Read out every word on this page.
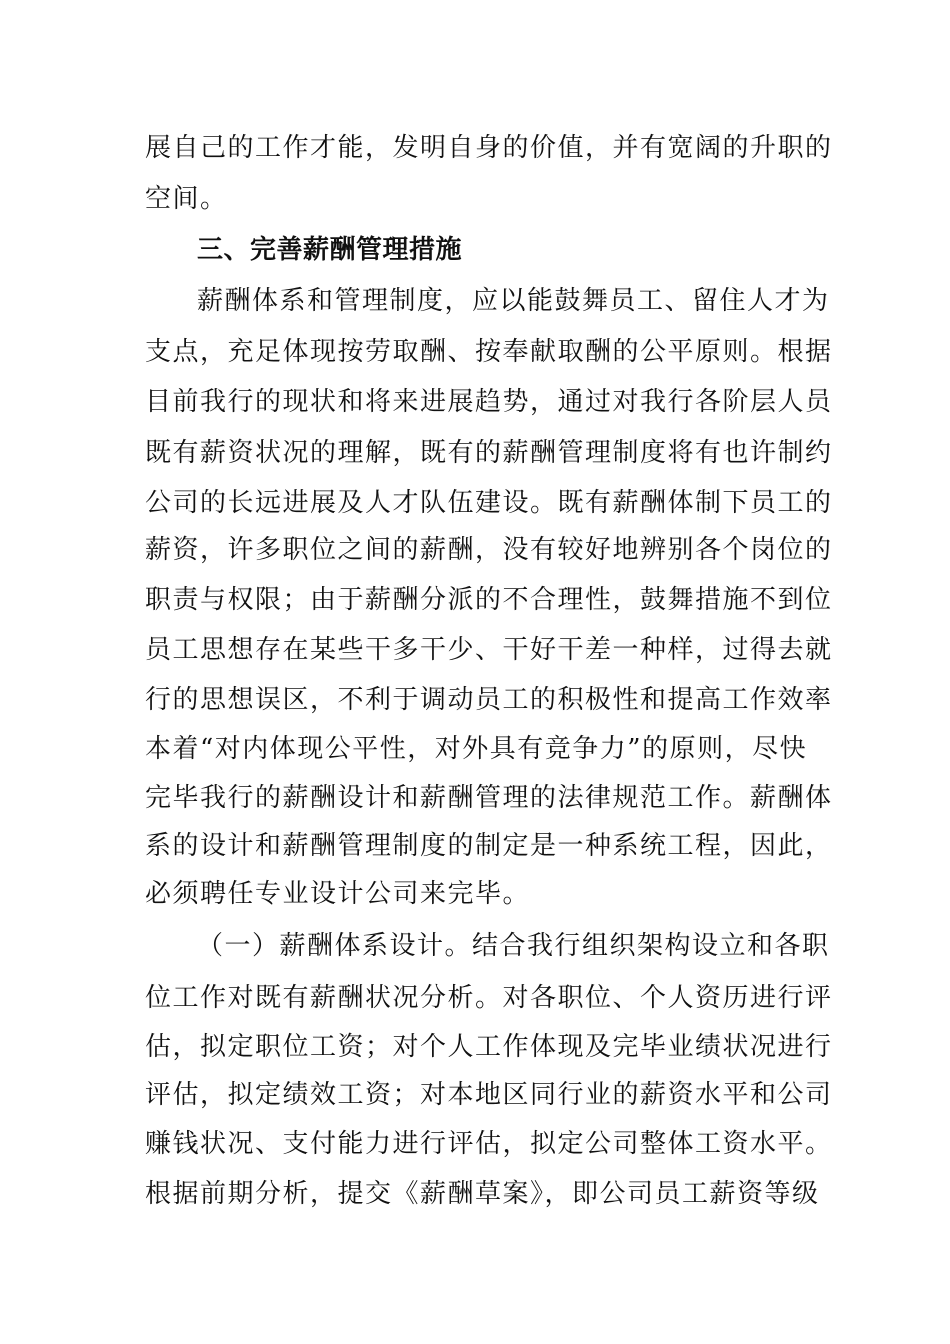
展自己的工作才能，发明自身的价值，并有宽阔的升职的
空间。
三、完善薪酬管理措施
薪酬体系和管理制度，应以能鼓舞员工、留住人才为
支点，充足体现按劳取酬、按奉献取酬的公平原则。根据
目前我行的现状和将来进展趋势，通过对我行各阶层人员
既有薪资状况的理解，既有的薪酬管理制度将有也许制约
公司的长远进展及人才队伍建设。既有薪酬体制下员工的
薪资，许多职位之间的薪酬，没有较好地辨别各个岗位的
职责与权限；由于薪酬分派的不合理性，鼓舞措施不到位
员工思想存在某些干多干少、干好干差一种样，过得去就
行的思想误区，不利于调动员工的积极性和提高工作效率
本着“对内体现公平性，对外具有竞争力”的原则，尽快
完毕我行的薪酬设计和薪酬管理的法律规范工作。薪酬体
系的设计和薪酬管理制度的制定是一种系统工程，因此，
必须聘任专业设计公司来完毕。
（一）薪酬体系设计。结合我行组织架构设立和各职
位工作对既有薪酬状况分析。对各职位、个人资历进行评
估，拟定职位工资；对个人工作体现及完毕业绩状况进行
评估，拟定绩效工资；对本地区同行业的薪资水平和公司
赚钱状况、支付能力进行评估，拟定公司整体工资水平。
根据前期分析，提交《薪酬草案》，即公司员工薪资等级
